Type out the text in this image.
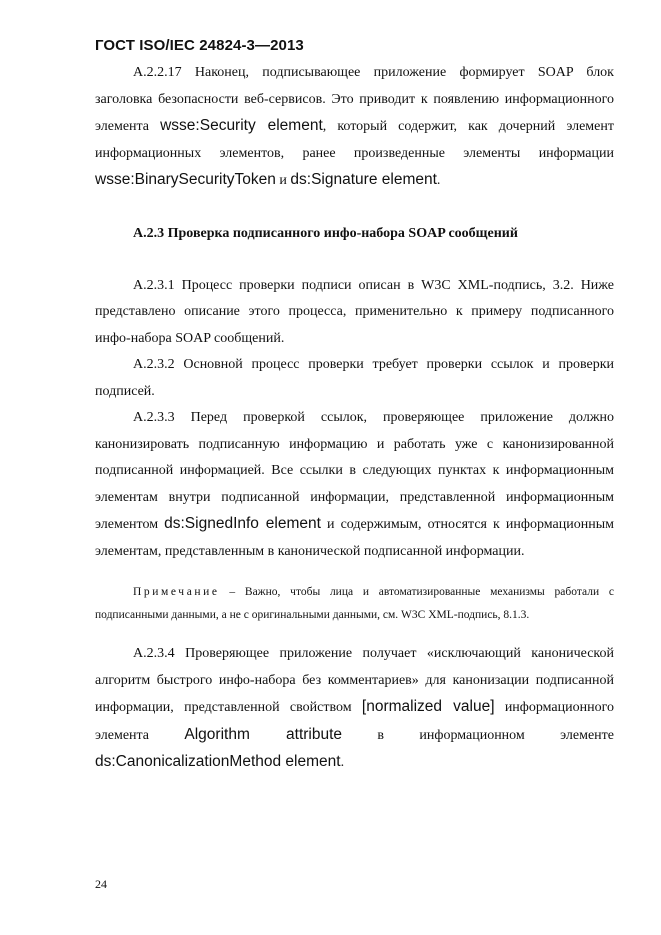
ГОСТ ISO/IEC 24824-3—2013

А.2.2.17 Наконец, подписывающее приложение формирует SOAP блок заголовка безопасности веб-сервисов. Это приводит к появлению информационного элемента wsse:Security element, который содержит, как дочерний элемент информационных элементов, ранее произведенные элементы информации wsse:BinarySecurityToken и ds:Signature element.

А.2.3 Проверка подписанного инфо-набора SOAP сообщений

А.2.3.1 Процесс проверки подписи описан в W3C XML-подпись, 3.2. Ниже представлено описание этого процесса, применительно к примеру подписанного инфо-набора SOAP сообщений.

А.2.3.2 Основной процесс проверки требует проверки ссылок и проверки подписей.

А.2.3.3 Перед проверкой ссылок, проверяющее приложение должно канонизировать подписанную информацию и работать уже с канонизированной подписанной информацией. Все ссылки в следующих пунктах к информационным элементам внутри подписанной информации, представленной информационным элементом ds:SignedInfo element и содержимым, относятся к информационным элементам, представленным в канонической подписанной информации.

Примечание – Важно, чтобы лица и автоматизированные механизмы работали с подписанными данными, а не с оригинальными данными, см. W3C XML-подпись, 8.1.3.

А.2.3.4 Проверяющее приложение получает «исключающий канонической алгоритм быстрого инфо-набора без комментариев» для канонизации подписанной информации, представленной свойством [normalized value] информационного элемента Algorithm attribute в информационном элементе ds:CanonicalizationMethod element.

24
